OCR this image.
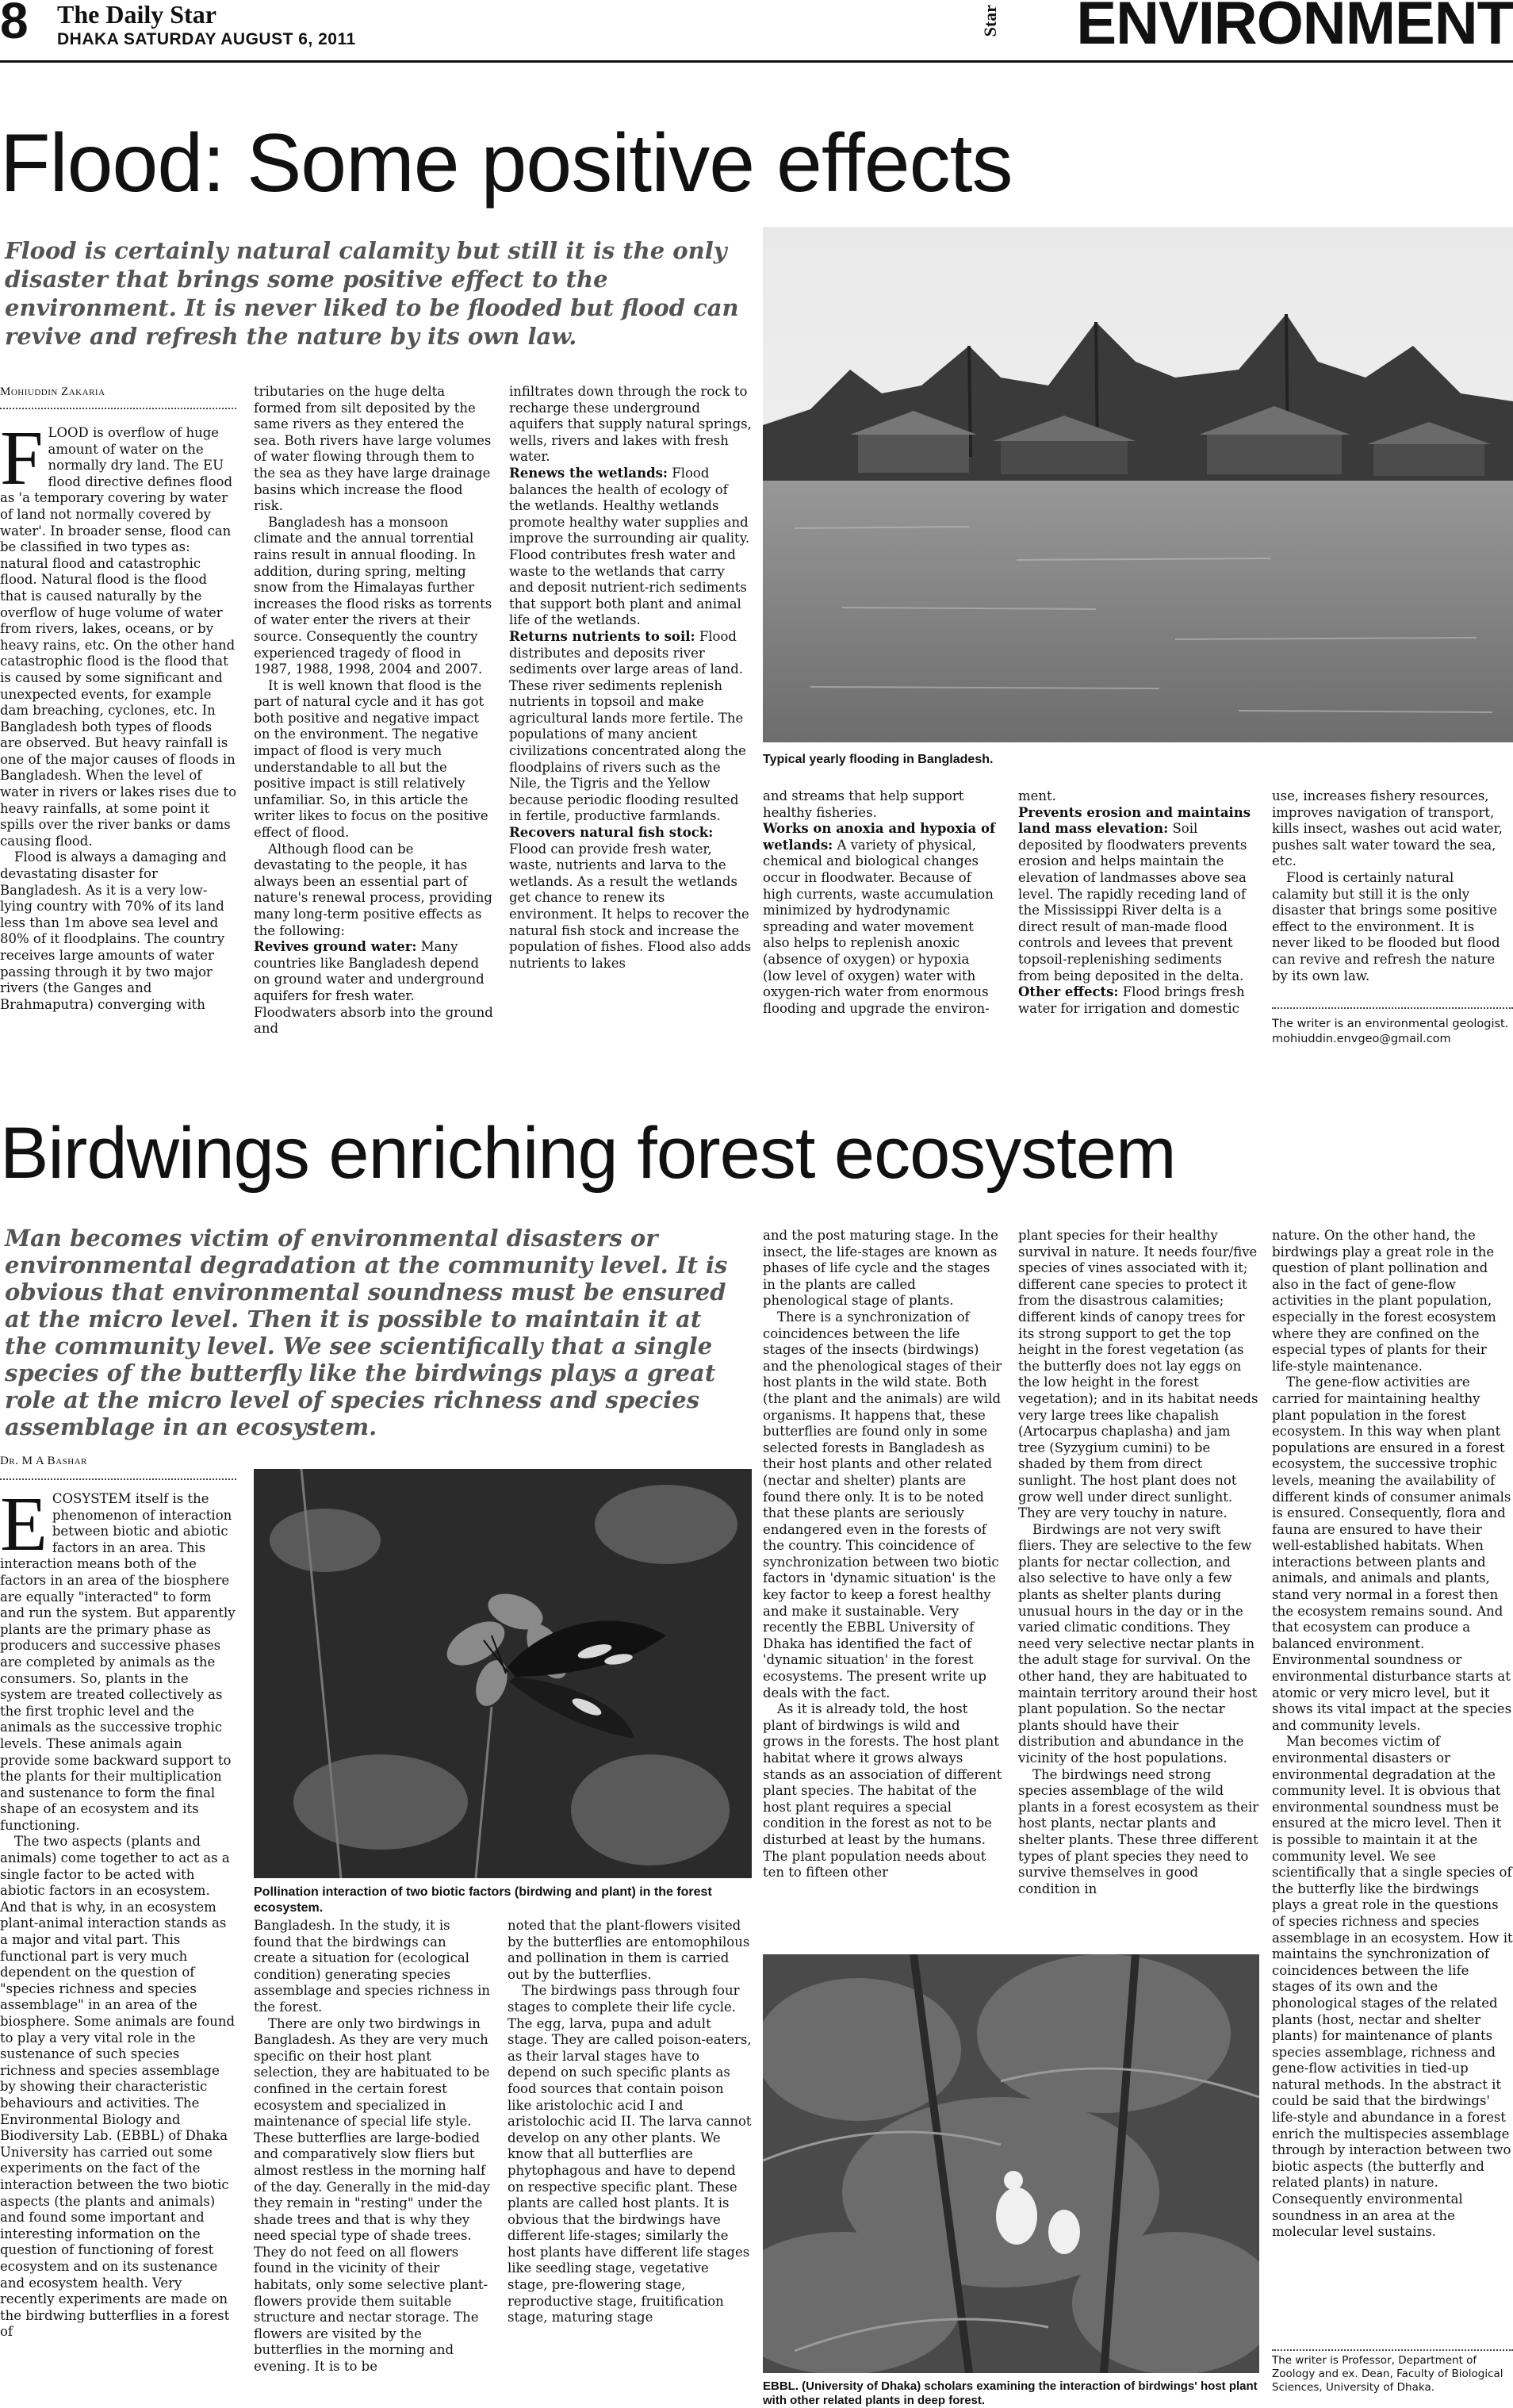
8 The Daily Star
DHAKA SATURDAY AUGUST 6, 2011
Star ENVIRONMENT
Flood: Some positive effects
Flood is certainly natural calamity but still it is the only disaster that brings some positive effect to the environment. It is never liked to be flooded but flood can revive and refresh the nature by its own law.
Typical yearly flooding in Bangladesh.
Mohiuddin Zakaria
FLOOD is overflow of huge amount of water on the normally dry land. The EU flood directive defines flood as 'a temporary covering by water of land not normally covered by water'. In broader sense, flood can be classified in two types as: natural flood and catastrophic flood. Natural flood is the flood that is caused naturally by the overflow of huge volume of water from rivers, lakes, oceans, or by heavy rains, etc. On the other hand catastrophic flood is the flood that is caused by some significant and unexpected events, for example dam breaching, cyclones, etc. In Bangladesh both types of floods are observed. But heavy rainfall is one of the major causes of floods in Bangladesh. When the level of water in rivers or lakes rises due to heavy rainfalls, at some point it spills over the river banks or dams causing flood.
Flood is always a damaging and devastating disaster for Bangladesh. As it is a very low-lying country with 70% of its land less than 1m above sea level and 80% of it floodplains. The country receives large amounts of water passing through it by two major rivers (the Ganges and Brahmaputra) converging with
tributaries on the huge delta formed from silt deposited by the same rivers as they entered the sea. Both rivers have large volumes of water flowing through them to the sea as they have large drainage basins which increase the flood risk.
Bangladesh has a monsoon climate and the annual torrential rains result in annual flooding. In addition, during spring, melting snow from the Himalayas further increases the flood risks as torrents of water enter the rivers at their source. Consequently the country experienced tragedy of flood in 1987, 1988, 1998, 2004 and 2007.
It is well known that flood is the part of natural cycle and it has got both positive and negative impact on the environment. The negative impact of flood is very much understandable to all but the positive impact is still relatively unfamiliar. So, in this article the writer likes to focus on the positive effect of flood.
Although flood can be devastating to the people, it has always been an essential part of nature's renewal process, providing many long-term positive effects as the following:
Revives ground water: Many countries like Bangladesh depend on ground water and underground aquifers for fresh water. Floodwaters absorb into the ground and
infiltrates down through the rock to recharge these underground aquifers that supply natural springs, wells, rivers and lakes with fresh water.
Renews the wetlands: Flood balances the health of ecology of the wetlands. Healthy wetlands promote healthy water supplies and improve the surrounding air quality. Flood contributes fresh water and waste to the wetlands that carry and deposit nutrient-rich sediments that support both plant and animal life of the wetlands.
Returns nutrients to soil: Flood distributes and deposits river sediments over large areas of land. These river sediments replenish nutrients in topsoil and make agricultural lands more fertile. The populations of many ancient civilizations concentrated along the floodplains of rivers such as the Nile, the Tigris and the Yellow because periodic flooding resulted in fertile, productive farmlands.
Recovers natural fish stock: Flood can provide fresh water, waste, nutrients and larva to the wetlands. As a result the wetlands get chance to renew its environment. It helps to recover the natural fish stock and increase the population of fishes. Flood also adds nutrients to lakes
and streams that help support healthy fisheries.
Works on anoxia and hypoxia of wetlands: A variety of physical, chemical and biological changes occur in floodwater. Because of high currents, waste accumulation minimized by hydrodynamic spreading and water movement also helps to replenish anoxic (absence of oxygen) or hypoxia (low level of oxygen) water with oxygen-rich water from enormous flooding and upgrade the environ-
ment.
Prevents erosion and maintains land mass elevation: Soil deposited by floodwaters prevents erosion and helps maintain the elevation of landmasses above sea level. The rapidly receding land of the Mississippi River delta is a direct result of man-made flood controls and levees that prevent topsoil-replenishing sediments from being deposited in the delta.
Other effects: Flood brings fresh water for irrigation and domestic
use, increases fishery resources, improves navigation of transport, kills insect, washes out acid water, pushes salt water toward the sea, etc.
Flood is certainly natural calamity but still it is the only disaster that brings some positive effect to the environment. It is never liked to be flooded but flood can revive and refresh the nature by its own law.
The writer is an environmental geologist. mohiuddin.envgeo@gmail.com
Birdwings enriching forest ecosystem
Man becomes victim of environmental disasters or environmental degradation at the community level. It is obvious that environmental soundness must be ensured at the micro level. Then it is possible to maintain it at the community level. We see scientifically that a single species of the butterfly like the birdwings plays a great role at the micro level of species richness and species assemblage in an ecosystem.
Dr. M A Bashar
Pollination interaction of two biotic factors (birdwing and plant) in the forest ecosystem.
EBBL. (University of Dhaka) scholars examining the interaction of birdwings' host plant with other related plants in deep forest.
ECOSYSTEM itself is the phenomenon of interaction between biotic and abiotic factors in an area. This interaction means both of the factors in an area of the biosphere are equally "interacted" to form and run the system. But apparently plants are the primary phase as producers and successive phases are completed by animals as the consumers. So, plants in the system are treated collectively as the first trophic level and the animals as the successive trophic levels. These animals again provide some backward support to the plants for their multiplication and sustenance to form the final shape of an ecosystem and its functioning.
The two aspects (plants and animals) come together to act as a single factor to be acted with abiotic factors in an ecosystem. And that is why, in an ecosystem plant-animal interaction stands as a major and vital part. This functional part is very much dependent on the question of "species richness and species assemblage" in an area of the biosphere. Some animals are found to play a very vital role in the sustenance of such species richness and species assemblage by showing their characteristic behaviours and activities. The Environmental Biology and Biodiversity Lab. (EBBL) of Dhaka University has carried out some experiments on the fact of the interaction between the two biotic aspects (the plants and animals) and found some important and interesting information on the question of functioning of forest ecosystem and on its sustenance and ecosystem health. Very recently experiments are made on the birdwing butterflies in a forest of
Bangladesh. In the study, it is found that the birdwings can create a situation for (ecological condition) generating species assemblage and species richness in the forest.
There are only two birdwings in Bangladesh. As they are very much specific on their host plant selection, they are habituated to be confined in the certain forest ecosystem and specialized in maintenance of special life style. These butterflies are large-bodied and comparatively slow fliers but almost restless in the morning half of the day. Generally in the mid-day they remain in "resting" under the shade trees and that is why they need special type of shade trees. They do not feed on all flowers found in the vicinity of their habitats, only some selective plant-flowers provide them suitable structure and nectar storage. The flowers are visited by the butterflies in the morning and evening. It is to be
noted that the plant-flowers visited by the butterflies are entomophilous and pollination in them is carried out by the butterflies.
The birdwings pass through four stages to complete their life cycle. The egg, larva, pupa and adult stage. They are called poison-eaters, as their larval stages have to depend on such specific plants as food sources that contain poison like aristolochic acid I and aristolochic acid II. The larva cannot develop on any other plants. We know that all butterflies are phytophagous and have to depend on respective specific plant. These plants are called host plants. It is obvious that the birdwings have different life-stages; similarly the host plants have different life stages like seedling stage, vegetative stage, pre-flowering stage, reproductive stage, fruitification stage, maturing stage
and the post maturing stage. In the insect, the life-stages are known as phases of life cycle and the stages in the plants are called phenological stage of plants.
There is a synchronization of coincidences between the life stages of the insects (birdwings) and the phenological stages of their host plants in the wild state. Both (the plant and the animals) are wild organisms. It happens that, these butterflies are found only in some selected forests in Bangladesh as their host plants and other related (nectar and shelter) plants are found there only. It is to be noted that these plants are seriously endangered even in the forests of the country. This coincidence of synchronization between two biotic factors in 'dynamic situation' is the key factor to keep a forest healthy and make it sustainable. Very recently the EBBL University of Dhaka has identified the fact of 'dynamic situation' in the forest ecosystems. The present write up deals with the fact.
As it is already told, the host plant of birdwings is wild and grows in the forests. The host plant habitat where it grows always stands as an association of different plant species. The habitat of the host plant requires a special condition in the forest as not to be disturbed at least by the humans. The plant population needs about ten to fifteen other
plant species for their healthy survival in nature. It needs four/five species of vines associated with it; different cane species to protect it from the disastrous calamities; different kinds of canopy trees for its strong support to get the top height in the forest vegetation (as the butterfly does not lay eggs on the low height in the forest vegetation); and in its habitat needs very large trees like chapalish (Artocarpus chaplasha) and jam tree (Syzygium cumini) to be shaded by them from direct sunlight. The host plant does not grow well under direct sunlight. They are very touchy in nature.
Birdwings are not very swift fliers. They are selective to the few plants for nectar collection, and also selective to have only a few plants as shelter plants during unusual hours in the day or in the varied climatic conditions. They need very selective nectar plants in the adult stage for survival. On the other hand, they are habituated to maintain territory around their host plant population. So the nectar plants should have their distribution and abundance in the vicinity of the host populations.
The birdwings need strong species assemblage of the wild plants in a forest ecosystem as their host plants, nectar plants and shelter plants. These three different types of plant species they need to survive themselves in good condition in
nature. On the other hand, the birdwings play a great role in the question of plant pollination and also in the fact of gene-flow activities in the plant population, especially in the forest ecosystem where they are confined on the especial types of plants for their life-style maintenance.
The gene-flow activities are carried for maintaining healthy plant population in the forest ecosystem. In this way when plant populations are ensured in a forest ecosystem, the successive trophic levels, meaning the availability of different kinds of consumer animals is ensured. Consequently, flora and fauna are ensured to have their well-established habitats. When interactions between plants and animals, and animals and plants, stand very normal in a forest then the ecosystem remains sound. And that ecosystem can produce a balanced environment. Environmental soundness or environmental disturbance starts at atomic or very micro level, but it shows its vital impact at the species and community levels.
Man becomes victim of environmental disasters or environmental degradation at the community level. It is obvious that environmental soundness must be ensured at the micro level. Then it is possible to maintain it at the community level. We see scientifically that a single species of the butterfly like the birdwings plays a great role in the questions of species richness and species assemblage in an ecosystem. How it maintains the synchronization of coincidences between the life stages of its own and the phonological stages of the related plants (host, nectar and shelter plants) for maintenance of plants species assemblage, richness and gene-flow activities in tied-up natural methods. In the abstract it could be said that the birdwings' life-style and abundance in a forest enrich the multispecies assemblage through by interaction between two biotic aspects (the butterfly and related plants) in nature. Consequently environmental soundness in an area at the molecular level sustains.
The writer is Professor, Department of Zoology and ex. Dean, Faculty of Biological Sciences, University of Dhaka.
